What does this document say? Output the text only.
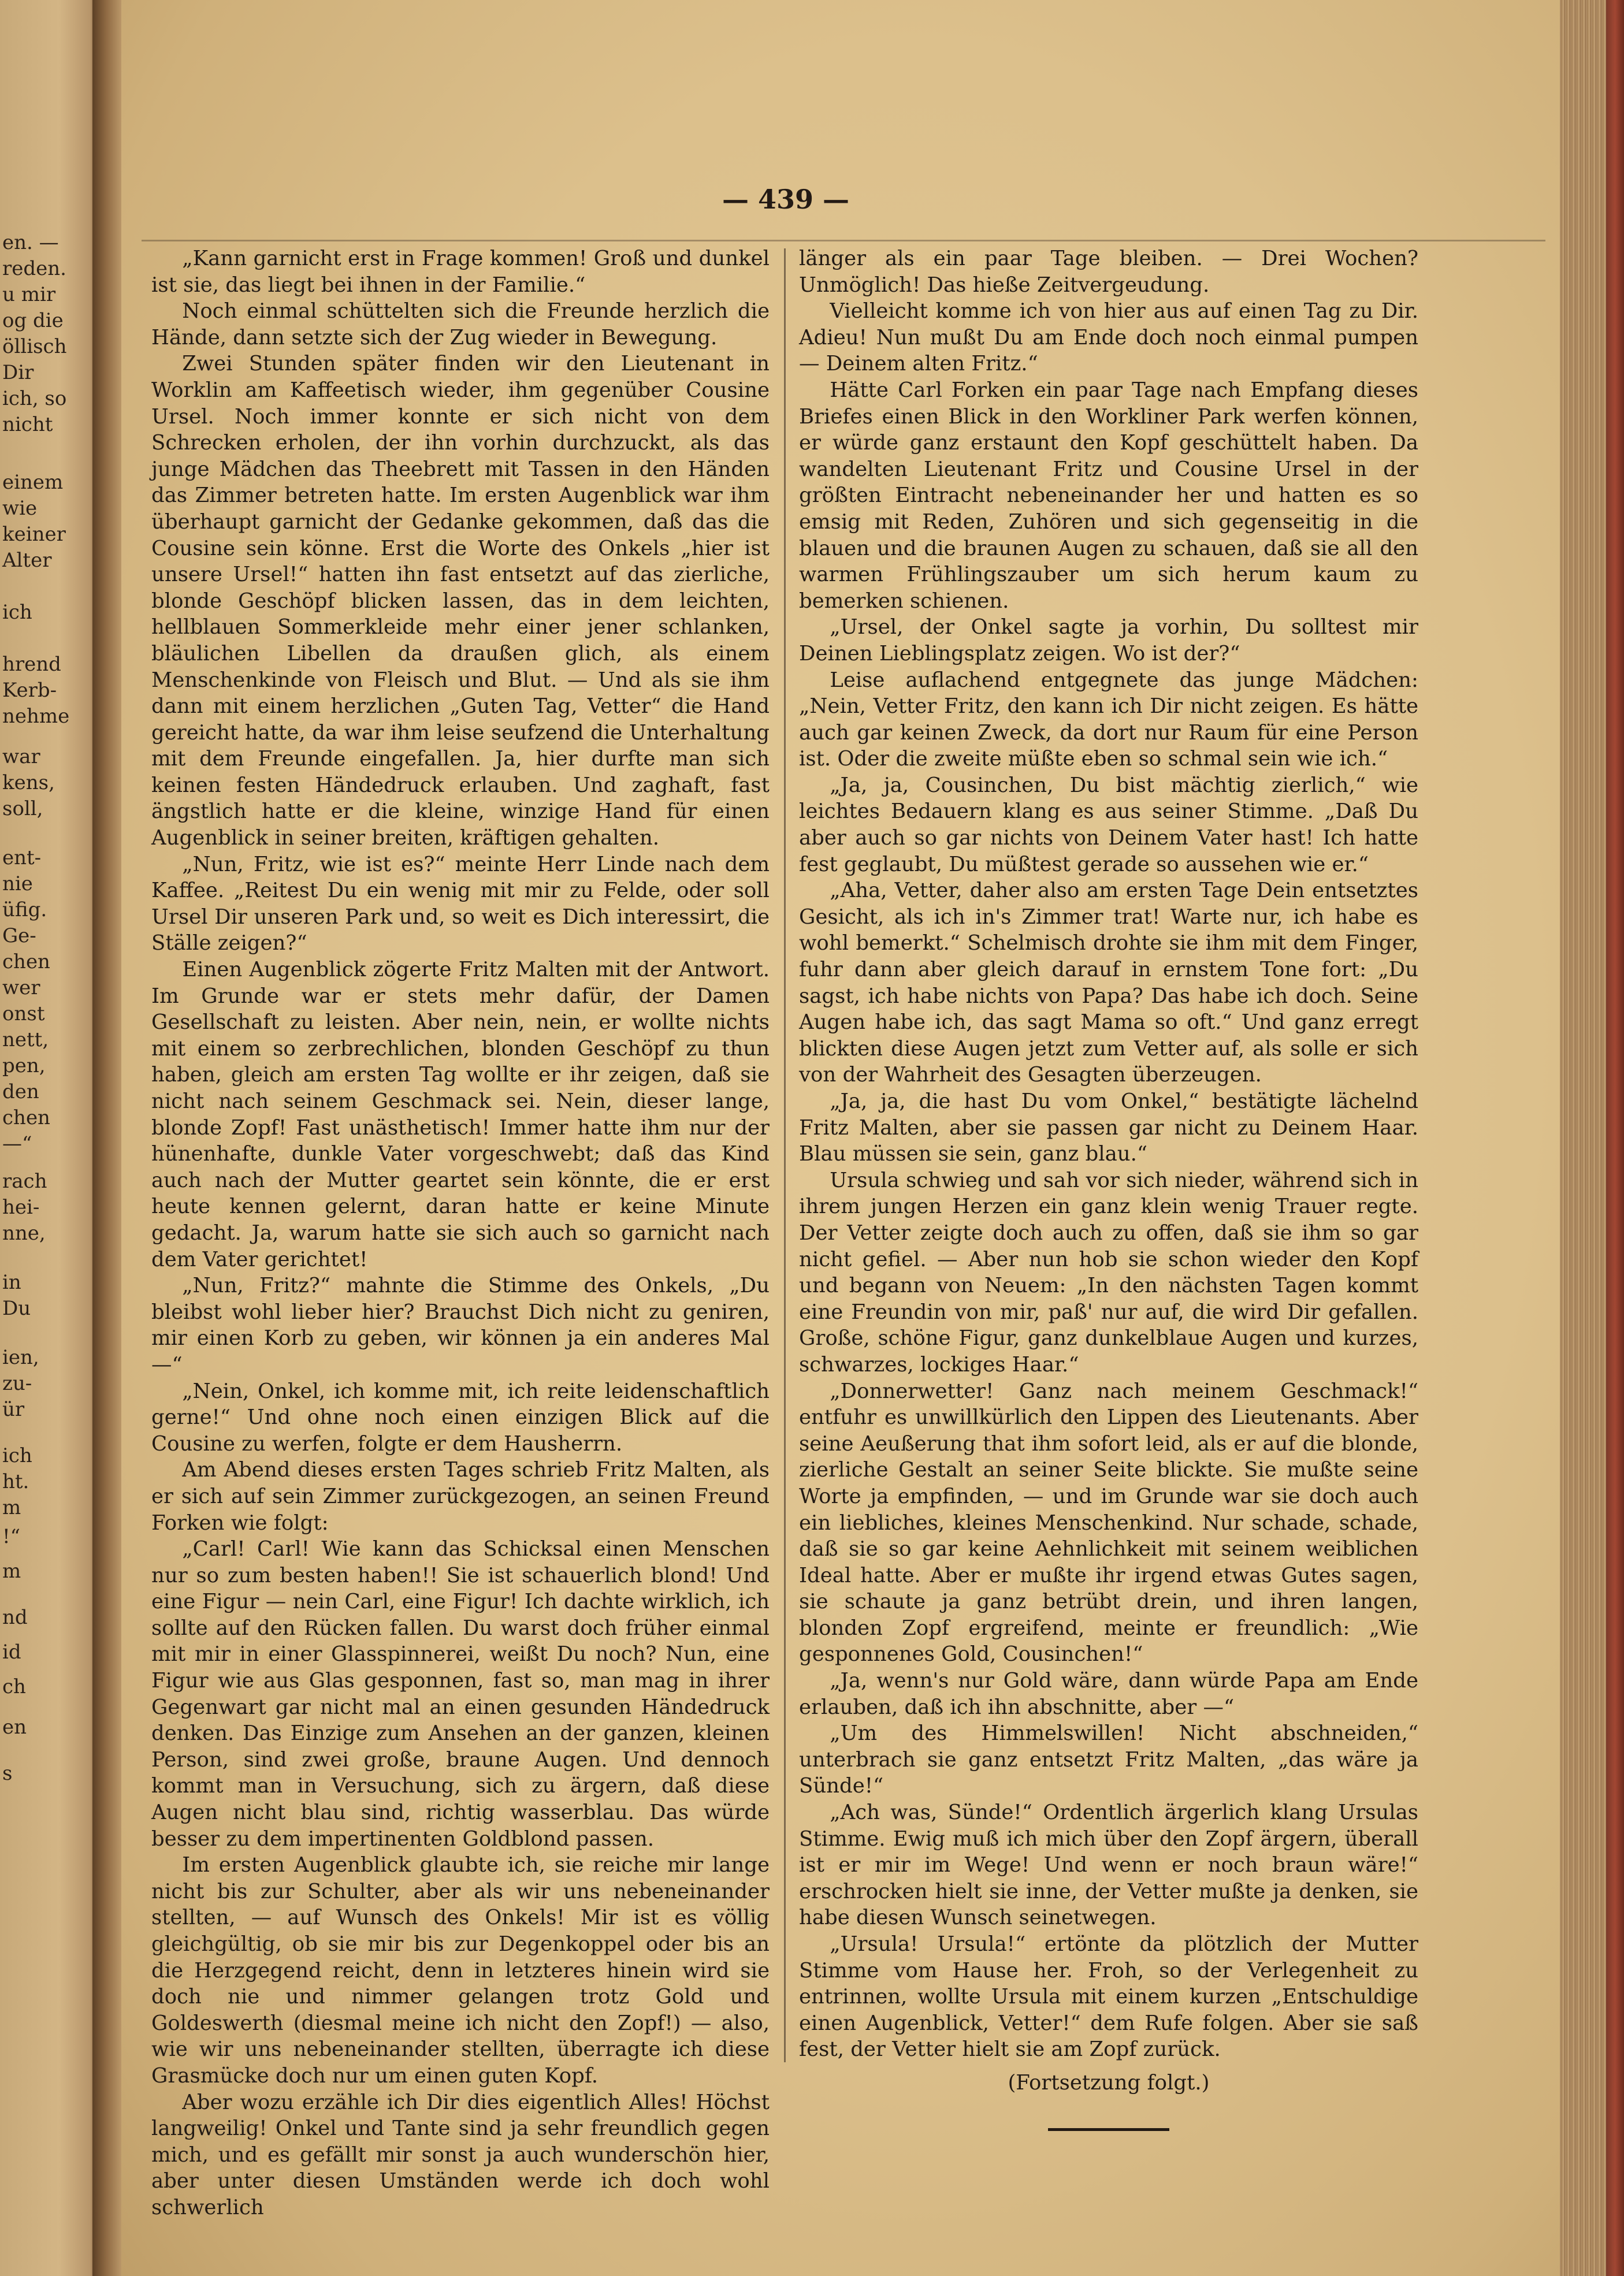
en. —
reden.
u mir
og die
öllisch
Dir
ich, so
nicht
einem
wie
keiner
Alter
ich
hrend
Kerb-
nehme
war
kens,
soll,
ent-
nie
üfig.
Ge-
chen
wer
onst
nett,
pen,
den
chen
—“
rach
hei-
nne,
in
Du
ien,
zu-
ür
ich
ht.
m
!“
m
nd
id
ch
en
s
— 439 —

„Kann garnicht erst in Frage kommen! Groß und dunkel ist sie, das liegt bei ihnen in der Familie.“

Noch einmal schüttelten sich die Freunde herzlich die Hände, dann setzte sich der Zug wieder in Bewegung.

Zwei Stunden später finden wir den Lieutenant in Worklin am Kaffeetisch wieder, ihm gegenüber Cousine Ursel. Noch immer konnte er sich nicht von dem Schrecken erholen, der ihn vorhin durchzuckt, als das junge Mädchen das Theebrett mit Tassen in den Händen das Zimmer betreten hatte. Im ersten Augenblick war ihm überhaupt garnicht der Gedanke gekommen, daß das die Cousine sein könne. Erst die Worte des Onkels „hier ist unsere Ursel!“ hatten ihn fast entsetzt auf das zierliche, blonde Geschöpf blicken lassen, das in dem leichten, hellblauen Sommerkleide mehr einer jener schlanken, bläulichen Libellen da draußen glich, als einem Menschenkinde von Fleisch und Blut. — Und als sie ihm dann mit einem herzlichen „Guten Tag, Vetter“ die Hand gereicht hatte, da war ihm leise seufzend die Unterhaltung mit dem Freunde eingefallen. Ja, hier durfte man sich keinen festen Händedruck erlauben. Und zaghaft, fast ängstlich hatte er die kleine, winzige Hand für einen Augenblick in seiner breiten, kräftigen gehalten.

„Nun, Fritz, wie ist es?“ meinte Herr Linde nach dem Kaffee. „Reitest Du ein wenig mit mir zu Felde, oder soll Ursel Dir unseren Park und, so weit es Dich interessirt, die Ställe zeigen?“

Einen Augenblick zögerte Fritz Malten mit der Antwort. Im Grunde war er stets mehr dafür, der Damen Gesellschaft zu leisten. Aber nein, nein, er wollte nichts mit einem so zerbrechlichen, blonden Geschöpf zu thun haben, gleich am ersten Tag wollte er ihr zeigen, daß sie nicht nach seinem Geschmack sei. Nein, dieser lange, blonde Zopf! Fast unästhetisch! Immer hatte ihm nur der hünenhafte, dunkle Vater vorgeschwebt; daß das Kind auch nach der Mutter geartet sein könnte, die er erst heute kennen gelernt, daran hatte er keine Minute gedacht. Ja, warum hatte sie sich auch so garnicht nach dem Vater gerichtet!

„Nun, Fritz?“ mahnte die Stimme des Onkels, „Du bleibst wohl lieber hier? Brauchst Dich nicht zu geniren, mir einen Korb zu geben, wir können ja ein anderes Mal —“

„Nein, Onkel, ich komme mit, ich reite leidenschaftlich gerne!“ Und ohne noch einen einzigen Blick auf die Cousine zu werfen, folgte er dem Hausherrn.

Am Abend dieses ersten Tages schrieb Fritz Malten, als er sich auf sein Zimmer zurückgezogen, an seinen Freund Forken wie folgt:

„Carl! Carl! Wie kann das Schicksal einen Menschen nur so zum besten haben!! Sie ist schauerlich blond! Und eine Figur — nein Carl, eine Figur! Ich dachte wirklich, ich sollte auf den Rücken fallen. Du warst doch früher einmal mit mir in einer Glasspinnerei, weißt Du noch? Nun, eine Figur wie aus Glas gesponnen, fast so, man mag in ihrer Gegenwart gar nicht mal an einen gesunden Händedruck denken. Das Einzige zum Ansehen an der ganzen, kleinen Person, sind zwei große, braune Augen. Und dennoch kommt man in Versuchung, sich zu ärgern, daß diese Augen nicht blau sind, richtig wasserblau. Das würde besser zu dem impertinenten Goldblond passen.

Im ersten Augenblick glaubte ich, sie reiche mir lange nicht bis zur Schulter, aber als wir uns nebeneinander stellten, — auf Wunsch des Onkels! Mir ist es völlig gleichgültig, ob sie mir bis zur Degenkoppel oder bis an die Herzgegend reicht, denn in letzteres hinein wird sie doch nie und nimmer gelangen trotz Gold und Goldeswerth (diesmal meine ich nicht den Zopf!) — also, wie wir uns nebeneinander stellten, überragte ich diese Grasmücke doch nur um einen guten Kopf.

Aber wozu erzähle ich Dir dies eigentlich Alles! Höchst langweilig! Onkel und Tante sind ja sehr freundlich gegen mich, und es gefällt mir sonst ja auch wunderschön hier, aber unter diesen Umständen werde ich doch wohl schwerlich

länger als ein paar Tage bleiben. — Drei Wochen? Unmöglich! Das hieße Zeitvergeudung.

Vielleicht komme ich von hier aus auf einen Tag zu Dir. Adieu! Nun mußt Du am Ende doch noch einmal pumpen — Deinem alten Fritz.“

Hätte Carl Forken ein paar Tage nach Empfang dieses Briefes einen Blick in den Workliner Park werfen können, er würde ganz erstaunt den Kopf geschüttelt haben. Da wandelten Lieutenant Fritz und Cousine Ursel in der größten Eintracht nebeneinander her und hatten es so emsig mit Reden, Zuhören und sich gegenseitig in die blauen und die braunen Augen zu schauen, daß sie all den warmen Frühlingszauber um sich herum kaum zu bemerken schienen.

„Ursel, der Onkel sagte ja vorhin, Du solltest mir Deinen Lieblingsplatz zeigen. Wo ist der?“

Leise auflachend entgegnete das junge Mädchen: „Nein, Vetter Fritz, den kann ich Dir nicht zeigen. Es hätte auch gar keinen Zweck, da dort nur Raum für eine Person ist. Oder die zweite müßte eben so schmal sein wie ich.“

„Ja, ja, Cousinchen, Du bist mächtig zierlich,“ wie leichtes Bedauern klang es aus seiner Stimme. „Daß Du aber auch so gar nichts von Deinem Vater hast! Ich hatte fest geglaubt, Du müßtest gerade so aussehen wie er.“

„Aha, Vetter, daher also am ersten Tage Dein entsetztes Gesicht, als ich in's Zimmer trat! Warte nur, ich habe es wohl bemerkt.“ Schelmisch drohte sie ihm mit dem Finger, fuhr dann aber gleich darauf in ernstem Tone fort: „Du sagst, ich habe nichts von Papa? Das habe ich doch. Seine Augen habe ich, das sagt Mama so oft.“ Und ganz erregt blickten diese Augen jetzt zum Vetter auf, als solle er sich von der Wahrheit des Gesagten überzeugen.

„Ja, ja, die hast Du vom Onkel,“ bestätigte lächelnd Fritz Malten, aber sie passen gar nicht zu Deinem Haar. Blau müssen sie sein, ganz blau.“

Ursula schwieg und sah vor sich nieder, während sich in ihrem jungen Herzen ein ganz klein wenig Trauer regte. Der Vetter zeigte doch auch zu offen, daß sie ihm so gar nicht gefiel. — Aber nun hob sie schon wieder den Kopf und begann von Neuem: „In den nächsten Tagen kommt eine Freundin von mir, paß' nur auf, die wird Dir gefallen. Große, schöne Figur, ganz dunkelblaue Augen und kurzes, schwarzes, lockiges Haar.“

„Donnerwetter! Ganz nach meinem Geschmack!“ entfuhr es unwillkürlich den Lippen des Lieutenants. Aber seine Aeußerung that ihm sofort leid, als er auf die blonde, zierliche Gestalt an seiner Seite blickte. Sie mußte seine Worte ja empfinden, — und im Grunde war sie doch auch ein liebliches, kleines Menschenkind. Nur schade, schade, daß sie so gar keine Aehnlichkeit mit seinem weiblichen Ideal hatte. Aber er mußte ihr irgend etwas Gutes sagen, sie schaute ja ganz betrübt drein, und ihren langen, blonden Zopf ergreifend, meinte er freundlich: „Wie gesponnenes Gold, Cousinchen!“

„Ja, wenn's nur Gold wäre, dann würde Papa am Ende erlauben, daß ich ihn abschnitte, aber —“

„Um des Himmelswillen! Nicht abschneiden,“ unterbrach sie ganz entsetzt Fritz Malten, „das wäre ja Sünde!“

„Ach was, Sünde!“ Ordentlich ärgerlich klang Ursulas Stimme. Ewig muß ich mich über den Zopf ärgern, überall ist er mir im Wege! Und wenn er noch braun wäre!“ erschrocken hielt sie inne, der Vetter mußte ja denken, sie habe diesen Wunsch seinetwegen.

„Ursula! Ursula!“ ertönte da plötzlich der Mutter Stimme vom Hause her. Froh, so der Verlegenheit zu entrinnen, wollte Ursula mit einem kurzen „Entschuldige einen Augenblick, Vetter!“ dem Rufe folgen. Aber sie saß fest, der Vetter hielt sie am Zopf zurück.

(Fortsetzung folgt.)
